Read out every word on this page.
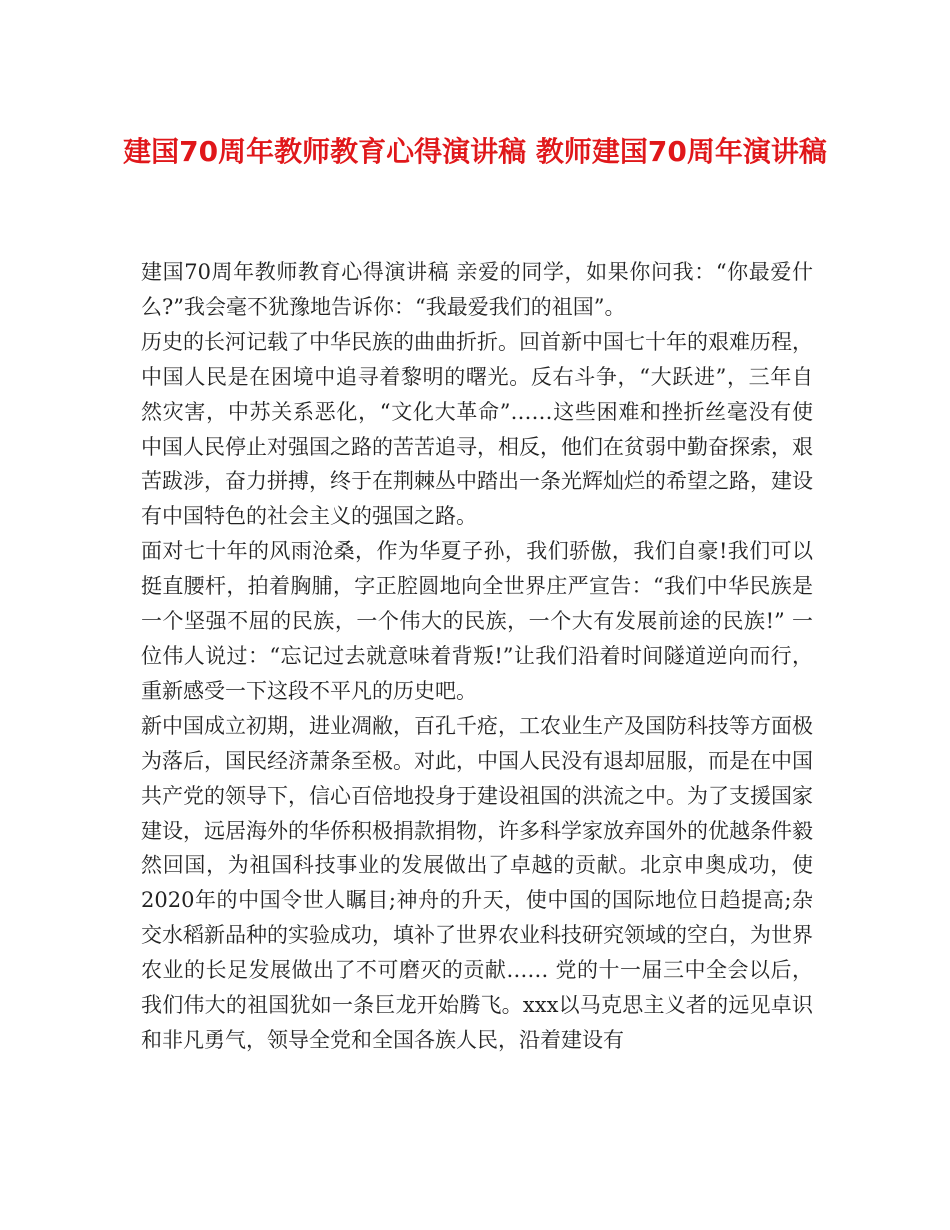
建国70周年教师教育心得演讲稿 教师建国70周年演讲稿

建国70周年教师教育心得演讲稿 亲爱的同学，如果你问我：“你最爱什么?”我会毫不犹豫地告诉你：“我最爱我们的祖国”。

历史的长河记载了中华民族的曲曲折折。回首新中国七十年的艰难历程，中国人民是在困境中追寻着黎明的曙光。反右斗争，“大跃进”，三年自然灾害，中苏关系恶化，“文化大革命”……这些困难和挫折丝毫没有使中国人民停止对强国之路的苦苦追寻，相反，他们在贫弱中勤奋探索，艰苦跋涉，奋力拼搏，终于在荆棘丛中踏出一条光辉灿烂的希望之路，建设有中国特色的社会主义的强国之路。

面对七十年的风雨沧桑，作为华夏子孙，我们骄傲，我们自豪!我们可以挺直腰杆，拍着胸脯，字正腔圆地向全世界庄严宣告：“我们中华民族是一个坚强不屈的民族，一个伟大的民族，一个大有发展前途的民族!” 一位伟人说过：“忘记过去就意味着背叛!”让我们沿着时间隧道逆向而行，重新感受一下这段不平凡的历史吧。

新中国成立初期，进业凋敝，百孔千疮，工农业生产及国防科技等方面极为落后，国民经济萧条至极。对此，中国人民没有退却屈服，而是在中国共产党的领导下，信心百倍地投身于建设祖国的洪流之中。为了支援国家建设，远居海外的华侨积极捐款捐物，许多科学家放弃国外的优越条件毅然回国，为祖国科技事业的发展做出了卓越的贡献。北京申奥成功，使2020年的中国令世人瞩目;神舟的升天，使中国的国际地位日趋提高;杂交水稻新品种的实验成功，填补了世界农业科技研究领域的空白，为世界农业的长足发展做出了不可磨灭的贡献…… 党的十一届三中全会以后，我们伟大的祖国犹如一条巨龙开始腾飞。xxx以马克思主义者的远见卓识和非凡勇气，领导全党和全国各族人民，沿着建设有
